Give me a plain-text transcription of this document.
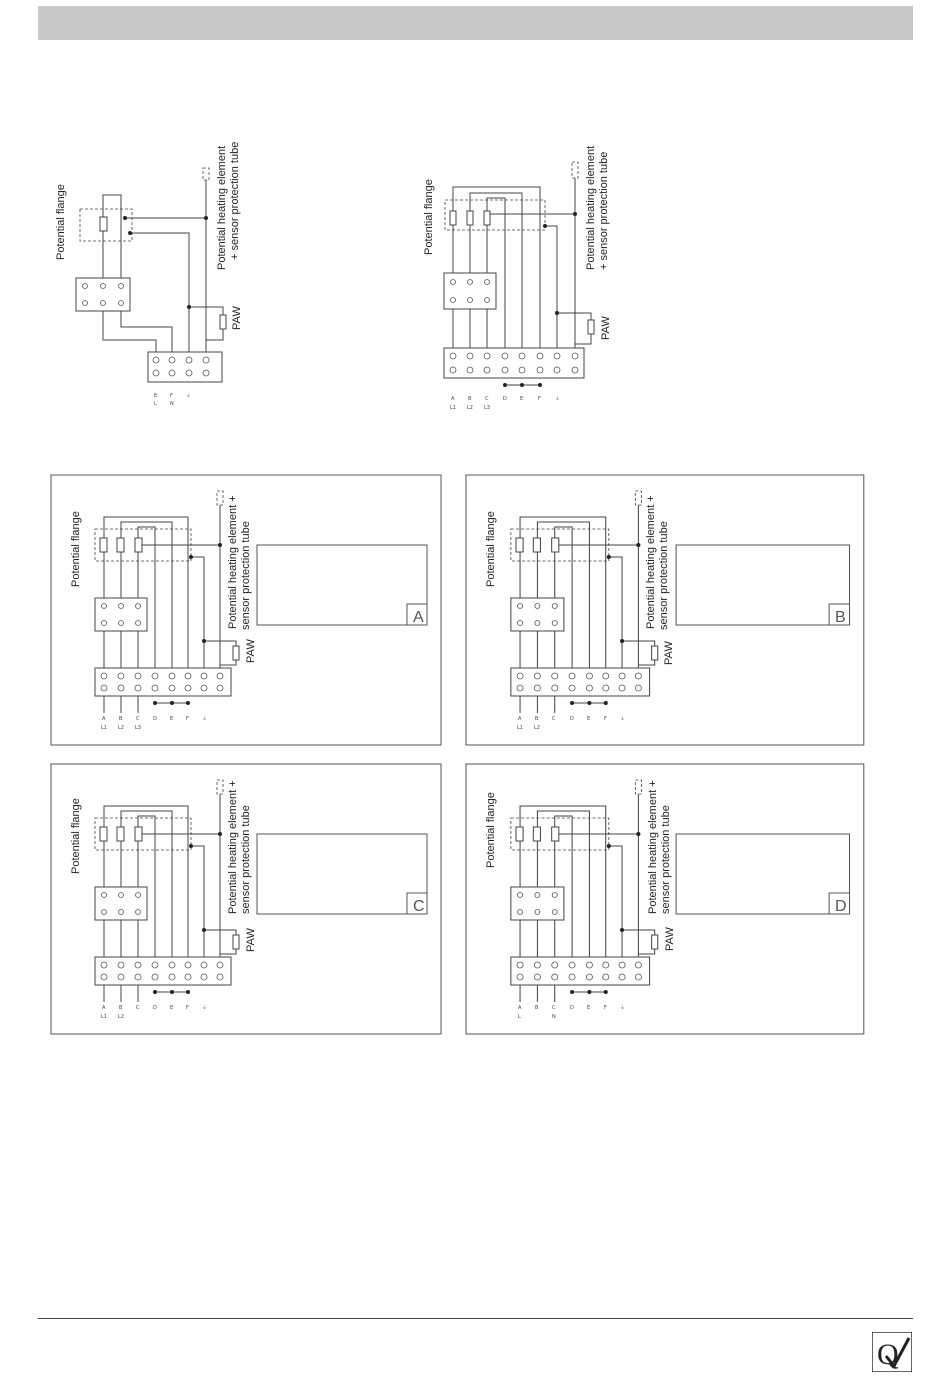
Potential flange	Potential heating element + sensor protection tube
PAW
E	F	⏚
L	N
Potential flange	Potential heating element + sensor protection tube
PAW
A	B	C	D	E	F	⏚
L1 L2 L3
Potential flange	Potential heating element + sensor protection tube
PAW
A
A	B	C	D	E	F	⏚
L1 L2 L3
Potential flange	Potential heating element + sensor protection tube
PAW
B
A	B	C	D	E	F	⏚
L1 L2
Potential flange	Potential heating element + sensor protection tube
PAW
C
A	B	C	D	E	F	⏚
L1 L2
Potential flange	Potential heating element + sensor protection tube
PAW
D
A	B	C	D	E	F	⏚
L	N
Q
